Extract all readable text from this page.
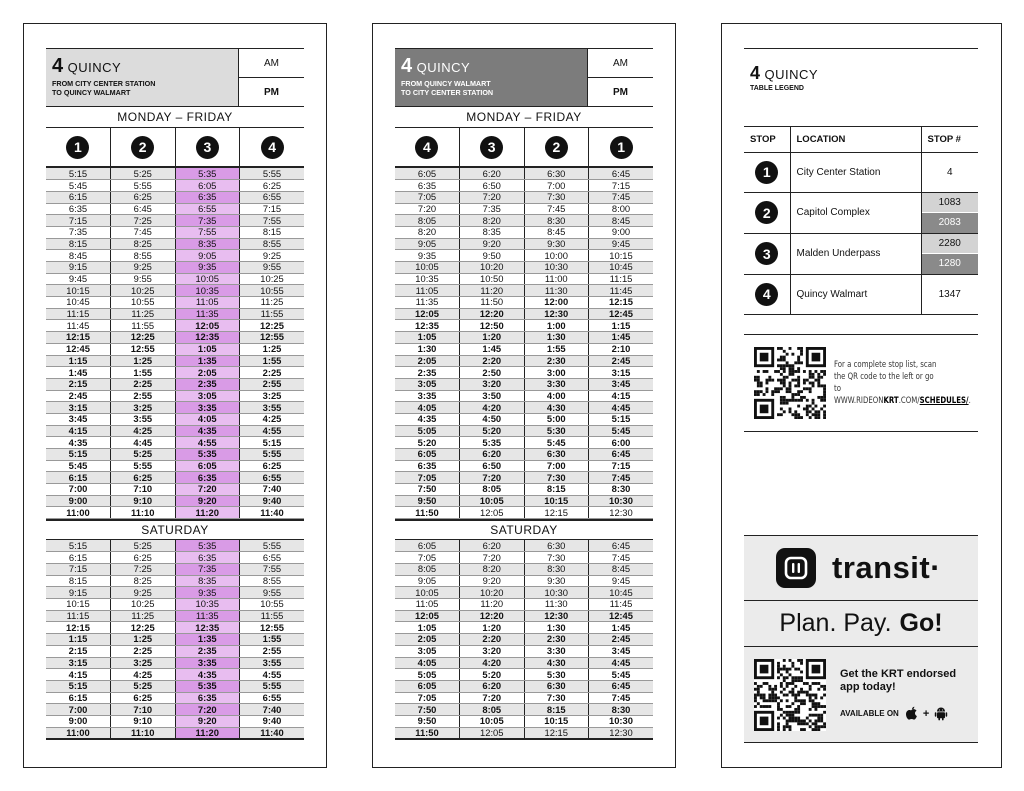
4 QUINCY
FROM CITY CENTER STATION
TO QUINCY WALMART
AM
PM
MONDAY – FRIDAY
1	2	3	4
5:15	5:25	5:35	5:55
5:45	5:55	6:05	6:25
6:15	6:25	6:35	6:55
6:35	6:45	6:55	7:15
7:15	7:25	7:35	7:55
7:35	7:45	7:55	8:15
8:15	8:25	8:35	8:55
8:45	8:55	9:05	9:25
9:15	9:25	9:35	9:55
9:45	9:55	10:05	10:25
10:15	10:25	10:35	10:55
10:45	10:55	11:05	11:25
11:15	11:25	11:35	11:55
11:45	11:55	12:05	12:25
12:15	12:25	12:35	12:55
12:45	12:55	1:05	1:25
1:15	1:25	1:35	1:55
1:45	1:55	2:05	2:25
2:15	2:25	2:35	2:55
2:45	2:55	3:05	3:25
3:15	3:25	3:35	3:55
3:45	3:55	4:05	4:25
4:15	4:25	4:35	4:55
4:35	4:45	4:55	5:15
5:15	5:25	5:35	5:55
5:45	5:55	6:05	6:25
6:15	6:25	6:35	6:55
7:00	7:10	7:20	7:40
9:00	9:10	9:20	9:40
11:00	11:10	11:20	11:40
SATURDAY
5:15	5:25	5:35	5:55
6:15	6:25	6:35	6:55
7:15	7:25	7:35	7:55
8:15	8:25	8:35	8:55
9:15	9:25	9:35	9:55
10:15	10:25	10:35	10:55
11:15	11:25	11:35	11:55
12:15	12:25	12:35	12:55
1:15	1:25	1:35	1:55
2:15	2:25	2:35	2:55
3:15	3:25	3:35	3:55
4:15	4:25	4:35	4:55
5:15	5:25	5:35	5:55
6:15	6:25	6:35	6:55
7:00	7:10	7:20	7:40
9:00	9:10	9:20	9:40
11:00	11:10	11:20	11:40
4 QUINCY
FROM QUINCY WALMART
TO CITY CENTER STATION
AM
PM
MONDAY – FRIDAY
4	3	2	1
6:05	6:20	6:30	6:45
6:35	6:50	7:00	7:15
7:05	7:20	7:30	7:45
7:20	7:35	7:45	8:00
8:05	8:20	8:30	8:45
8:20	8:35	8:45	9:00
9:05	9:20	9:30	9:45
9:35	9:50	10:00	10:15
10:05	10:20	10:30	10:45
10:35	10:50	11:00	11:15
11:05	11:20	11:30	11:45
11:35	11:50	12:00	12:15
12:05	12:20	12:30	12:45
12:35	12:50	1:00	1:15
1:05	1:20	1:30	1:45
1:30	1:45	1:55	2:10
2:05	2:20	2:30	2:45
2:35	2:50	3:00	3:15
3:05	3:20	3:30	3:45
3:35	3:50	4:00	4:15
4:05	4:20	4:30	4:45
4:35	4:50	5:00	5:15
5:05	5:20	5:30	5:45
5:20	5:35	5:45	6:00
6:05	6:20	6:30	6:45
6:35	6:50	7:00	7:15
7:05	7:20	7:30	7:45
7:50	8:05	8:15	8:30
9:50	10:05	10:15	10:30
11:50	12:05	12:15	12:30
SATURDAY
6:05	6:20	6:30	6:45
7:05	7:20	7:30	7:45
8:05	8:20	8:30	8:45
9:05	9:20	9:30	9:45
10:05	10:20	10:30	10:45
11:05	11:20	11:30	11:45
12:05	12:20	12:30	12:45
1:05	1:20	1:30	1:45
2:05	2:20	2:30	2:45
3:05	3:20	3:30	3:45
4:05	4:20	4:30	4:45
5:05	5:20	5:30	5:45
6:05	6:20	6:30	6:45
7:05	7:20	7:30	7:45
7:50	8:05	8:15	8:30
9:50	10:05	10:15	10:30
11:50	12:05	12:15	12:30
4 QUINCY
TABLE LEGEND
STOP	LOCATION	STOP #

1	City Center Station	4

2	Capitol Complex	1083
2083

3	Malden Underpass	2280
1280

4	Quincy Walmart	1347
For a complete stop list, scan the QR code to the left or go to WWW.RIDEONKRT.COM/SCHEDULES/.
transit·
Plan. Pay. Go!
Get the KRT endorsed
app today!
AVAILABLE ON +
